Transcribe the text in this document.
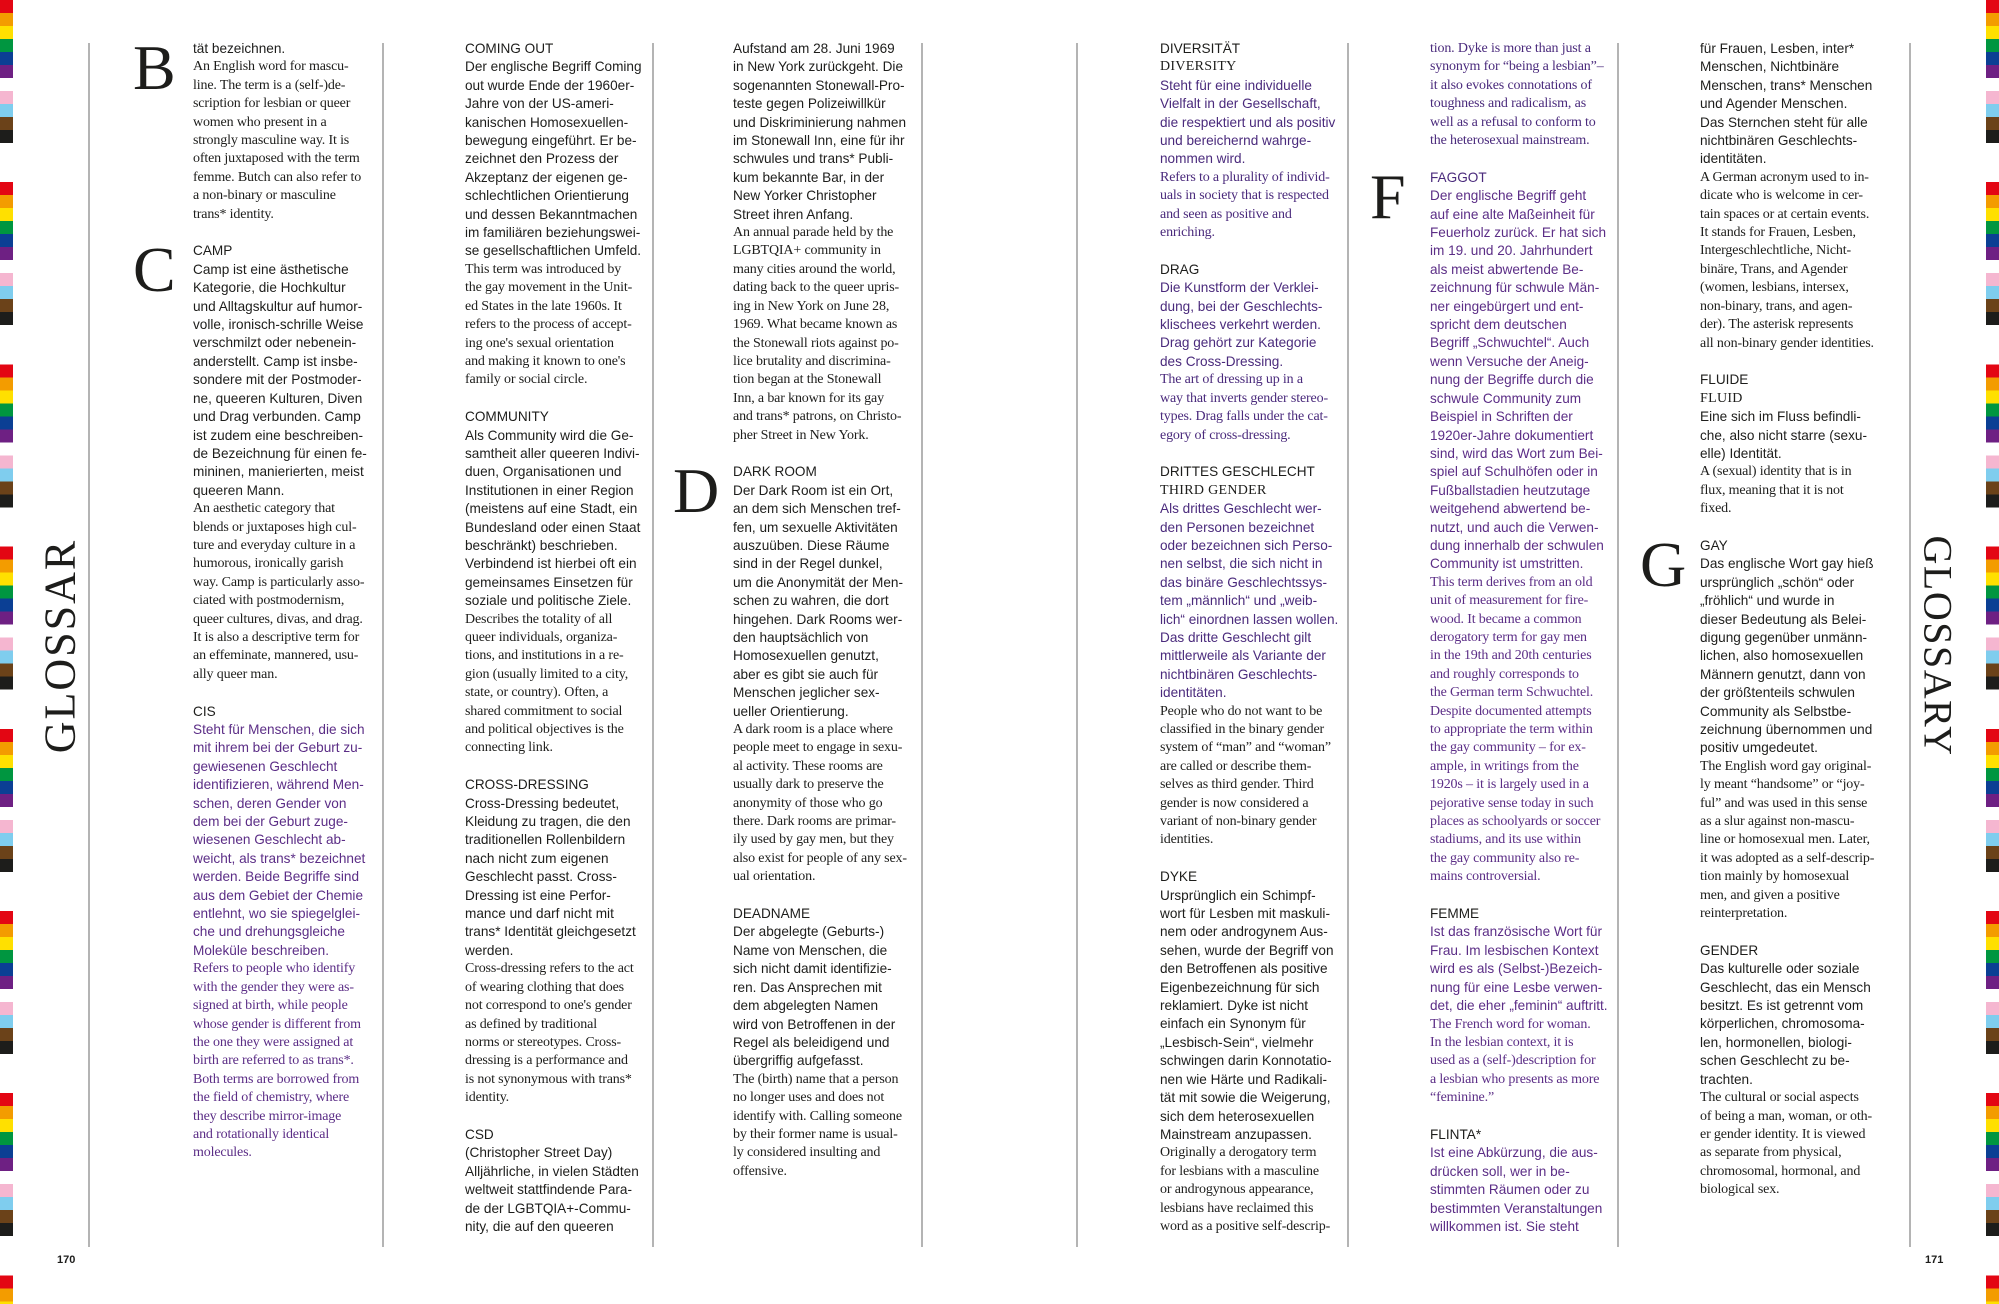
GLOSSAR	GLOSSARY
tät bezeichnen.
B An English word for mascu-
line. The term is a (self-)de-
scription for lesbian or queer
women who present in a
strongly masculine way. It is
often juxtaposed with the term
femme. Butch can also refer to
a non-binary or masculine
trans* identity.
CAMP
C Camp ist eine ästhetische
Kategorie, die Hochkultur
und Alltagskultur auf humor-
volle, ironisch-schrille Weise
verschmilzt oder nebenein-
anderstellt. Camp ist insbe-
sondere mit der Postmoder-
ne, queeren Kulturen, Diven
und Drag verbunden. Camp
ist zudem eine beschreiben-
de Bezeichnung für einen fe-
mininen, manierierten, meist
queeren Mann.
An aesthetic category that
blends or juxtaposes high cul-
ture and everyday culture in a
humorous, ironically garish
way. Camp is particularly asso-
ciated with postmodernism,
queer cultures, divas, and drag.
It is also a descriptive term for
an effeminate, mannered, usu-
ally queer man.
CIS
Steht für Menschen, die sich
mit ihrem bei der Geburt zu-
gewiesenen Geschlecht
identifizieren, während Men-
schen, deren Gender von
dem bei der Geburt zuge-
wiesenen Geschlecht ab-
weicht, als trans* bezeichnet
werden. Beide Begriffe sind
aus dem Gebiet der Chemie
entlehnt, wo sie spiegelglei-
che und drehungsgleiche
Moleküle beschreiben.
Refers to people who identify
with the gender they were as-
signed at birth, while people
whose gender is different from
the one they were assigned at
birth are referred to as trans*.
Both terms are borrowed from
the field of chemistry, where
they describe mirror-image
and rotationally identical
molecules.
COMING OUT
Der englische Begriff Coming
out wurde Ende der 1960er-
Jahre von der US-ameri-
kanischen Homosexuellen-
bewegung eingeführt. Er be-
zeichnet den Prozess der
Akzeptanz der eigenen ge-
schlechtlichen Orientierung
und dessen Bekanntmachen
im familiären beziehungswei-
se gesellschaftlichen Umfeld.
This term was introduced by
the gay movement in the Unit-
ed States in the late 1960s. It
refers to the process of accept-
ing one's sexual orientation
and making it known to one's
family or social circle.
COMMUNITY
Als Community wird die Ge-
samtheit aller queeren Indivi-
duen, Organisationen und
Institutionen in einer Region
(meistens auf eine Stadt, ein
Bundesland oder einen Staat
beschränkt) beschrieben.
Verbindend ist hierbei oft ein
gemeinsames Einsetzen für
soziale und politische Ziele.
Describes the totality of all
queer individuals, organiza-
tions, and institutions in a re-
gion (usually limited to a city,
state, or country). Often, a
shared commitment to social
and political objectives is the
connecting link.
CROSS-DRESSING
Cross-Dressing bedeutet,
Kleidung zu tragen, die den
traditionellen Rollenbildern
nach nicht zum eigenen
Geschlecht passt. Cross-
Dressing ist eine Perfor-
mance und darf nicht mit
trans* Identität gleichgesetzt
werden.
Cross-dressing refers to the act
of wearing clothing that does
not correspond to one's gender
as defined by traditional
norms or stereotypes. Cross-
dressing is a performance and
is not synonymous with trans*
identity.
CSD
(Christopher Street Day)
Alljährliche, in vielen Städten
weltweit stattfindende Para-
de der LGBTQIA+-Commu-
nity, die auf den queeren
Aufstand am 28. Juni 1969
in New York zurückgeht. Die
sogenannten Stonewall-Pro-
teste gegen Polizeiwillkür
und Diskriminierung nahmen
im Stonewall Inn, eine für ihr
schwules und trans* Publi-
kum bekannte Bar, in der
New Yorker Christopher
Street ihren Anfang.
An annual parade held by the
LGBTQIA+ community in
many cities around the world,
dating back to the queer upris-
ing in New York on June 28,
1969. What became known as
the Stonewall riots against po-
lice brutality and discrimina-
tion began at the Stonewall
Inn, a bar known for its gay
and trans* patrons, on Christo-
pher Street in New York.
DARK ROOM
D Der Dark Room ist ein Ort,
an dem sich Menschen tref-
fen, um sexuelle Aktivitäten
auszuüben. Diese Räume
sind in der Regel dunkel,
um die Anonymität der Men-
schen zu wahren, die dort
hingehen. Dark Rooms wer-
den hauptsächlich von
Homosexuellen genutzt,
aber es gibt sie auch für
Menschen jeglicher sex-
ueller Orientierung.
A dark room is a place where
people meet to engage in sexu-
al activity. These rooms are
usually dark to preserve the
anonymity of those who go
there. Dark rooms are primar-
ily used by gay men, but they
also exist for people of any sex-
ual orientation.
DEADNAME
Der abgelegte (Geburts-)
Name von Menschen, die
sich nicht damit identifizie-
ren. Das Ansprechen mit
dem abgelegten Namen
wird von Betroffenen in der
Regel als beleidigend und
übergriffig aufgefasst.
The (birth) name that a person
no longer uses and does not
identify with. Calling someone
by their former name is usual-
ly considered insulting and
offensive.
DIVERSITÄT
DIVERSITY
Steht für eine individuelle
Vielfalt in der Gesellschaft,
die respektiert und als positiv
und bereichernd wahrge-
nommen wird.
Refers to a plurality of individ-
uals in society that is respected
and seen as positive and
enriching.
DRAG
Die Kunstform der Verklei-
dung, bei der Geschlechts-
klischees verkehrt werden.
Drag gehört zur Kategorie
des Cross-Dressing.
The art of dressing up in a
way that inverts gender stereo-
types. Drag falls under the cat-
egory of cross-dressing.
DRITTES GESCHLECHT
THIRD GENDER
Als drittes Geschlecht wer-
den Personen bezeichnet
oder bezeichnen sich Perso-
nen selbst, die sich nicht in
das binäre Geschlechtssys-
tem „männlich“ und „weib-
lich“ einordnen lassen wollen.
Das dritte Geschlecht gilt
mittlerweile als Variante der
nichtbinären Geschlechts-
identitäten.
People who do not want to be
classified in the binary gender
system of “man” and “woman”
are called or describe them-
selves as third gender. Third
gender is now considered a
variant of non-binary gender
identities.
DYKE
Ursprünglich ein Schimpf-
wort für Lesben mit maskuli-
nem oder androgynem Aus-
sehen, wurde der Begriff von
den Betroffenen als positive
Eigenbezeichnung für sich
reklamiert. Dyke ist nicht
einfach ein Synonym für
„Lesbisch-Sein“, vielmehr
schwingen darin Konnotatio-
nen wie Härte und Radikali-
tät mit sowie die Weigerung,
sich dem heterosexuellen
Mainstream anzupassen.
Originally a derogatory term
for lesbians with a masculine
or androgynous appearance,
lesbians have reclaimed this
word as a positive self-descrip-
tion. Dyke is more than just a
synonym for “being a lesbian”–
it also evokes connotations of
toughness and radicalism, as
well as a refusal to conform to
the heterosexual mainstream.
FAGGOT
F Der englische Begriff geht
auf eine alte Maßeinheit für
Feuerholz zurück. Er hat sich
im 19. und 20. Jahrhundert
als meist abwertende Be-
zeichnung für schwule Män-
ner eingebürgert und ent-
spricht dem deutschen
Begriff „Schwuchtel“. Auch
wenn Versuche der Aneig-
nung der Begriffe durch die
schwule Community zum
Beispiel in Schriften der
1920er-Jahre dokumentiert
sind, wird das Wort zum Bei-
spiel auf Schulhöfen oder in
Fußballstadien heutzutage
weitgehend abwertend be-
nutzt, und auch die Verwen-
dung innerhalb der schwulen
Community ist umstritten.
This term derives from an old
unit of measurement for fire-
wood. It became a common
derogatory term for gay men
in the 19th and 20th centuries
and roughly corresponds to
the German term Schwuchtel.
Despite documented attempts
to appropriate the term within
the gay community – for ex-
ample, in writings from the
1920s – it is largely used in a
pejorative sense today in such
places as schoolyards or soccer
stadiums, and its use within
the gay community also re-
mains controversial.
FEMME
Ist das französische Wort für
Frau. Im lesbischen Kontext
wird es als (Selbst-)Bezeich-
nung für eine Lesbe verwen-
det, die eher „feminin“ auftritt.
The French word for woman.
In the lesbian context, it is
used as a (self-)description for
a lesbian who presents as more
“feminine.”
FLINTA*
Ist eine Abkürzung, die aus-
drücken soll, wer in be-
stimmten Räumen oder zu
bestimmten Veranstaltungen
willkommen ist. Sie steht
für Frauen, Lesben, inter*
Menschen, Nichtbinäre
Menschen, trans* Menschen
und Agender Menschen.
Das Sternchen steht für alle
nichtbinären Geschlechts-
identitäten.
A German acronym used to in-
dicate who is welcome in cer-
tain spaces or at certain events.
It stands for Frauen, Lesben,
Intergeschlechtliche, Nicht-
binäre, Trans, and Agender
(women, lesbians, intersex,
non-binary, trans, and agen-
der). The asterisk represents
all non-binary gender identities.
FLUIDE
FLUID
Eine sich im Fluss befindli-
che, also nicht starre (sexu-
elle) Identität.
A (sexual) identity that is in
flux, meaning that it is not
fixed.
GAY
G Das englische Wort gay hieß
ursprünglich „schön“ oder
„fröhlich“ und wurde in
dieser Bedeutung als Belei-
digung gegenüber unmänn-
lichen, also homosexuellen
Männern genutzt, dann von
der größtenteils schwulen
Community als Selbstbe-
zeichnung übernommen und
positiv umgedeutet.
The English word gay original-
ly meant “handsome” or “joy-
ful” and was used in this sense
as a slur against non-mascu-
line or homosexual men. Later,
it was adopted as a self-descrip-
tion mainly by homosexual
men, and given a positive
reinterpretation.
GENDER
Das kulturelle oder soziale
Geschlecht, das ein Mensch
besitzt. Es ist getrennt vom
körperlichen, chromosoma-
len, hormonellen, biologi-
schen Geschlecht zu be-
trachten.
The cultural or social aspects
of being a man, woman, or oth-
er gender identity. It is viewed
as separate from physical,
chromosomal, hormonal, and
biological sex.
170	171
